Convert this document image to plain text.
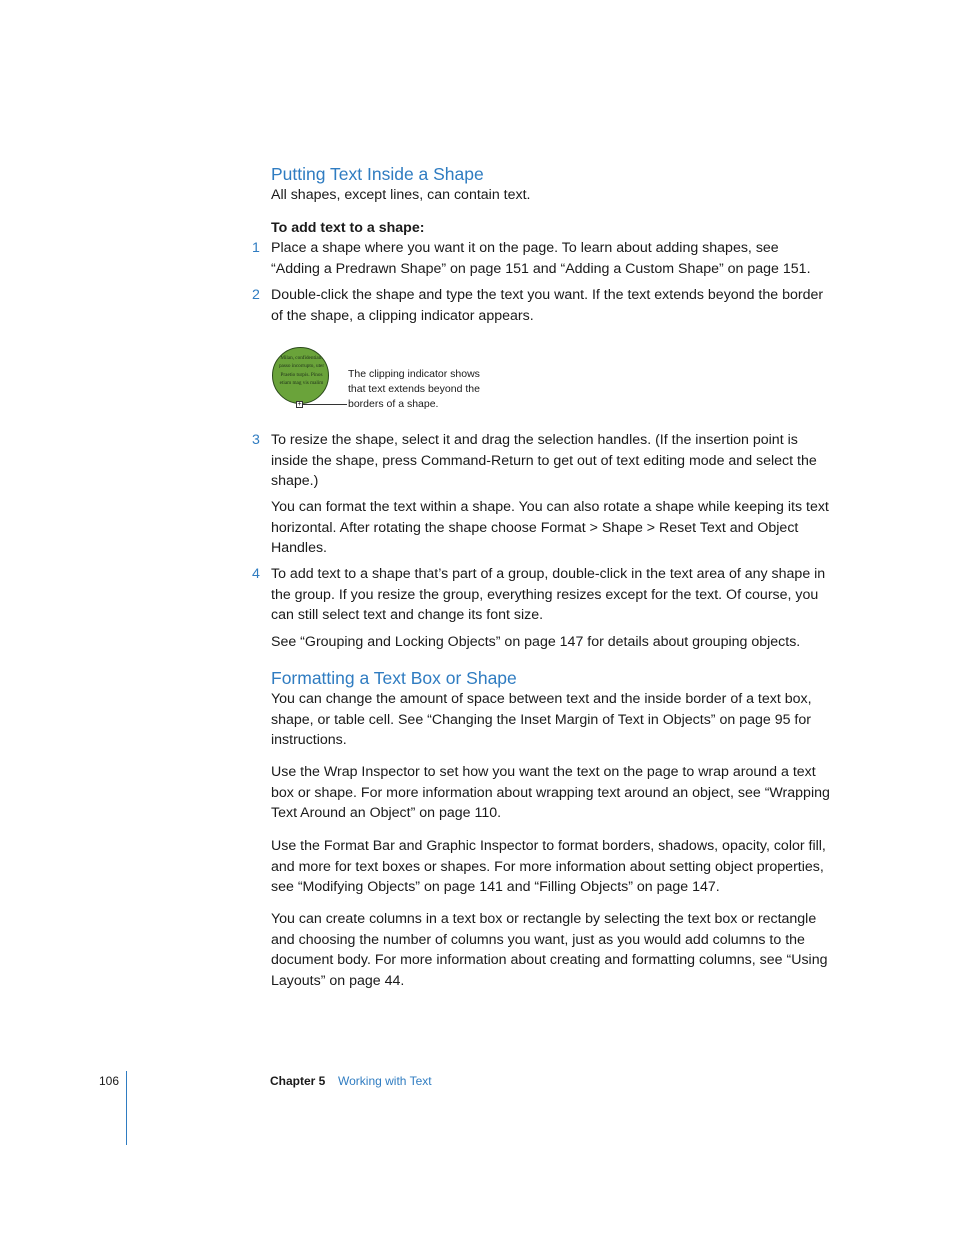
Putting Text Inside a Shape
All shapes, except lines, can contain text.
To add text to a shape:
1 Place a shape where you want it on the page. To learn about adding shapes, see “Adding a Predrawn Shape” on page 151 and “Adding a Custom Shape” on page 151.
2 Double-click the shape and type the text you want. If the text extends beyond the border of the shape, a clipping indicator appears.
Milan, confidentiam passo incorrupto, uter Praetio turpis. Pinos etiam mag vis malim
+
The clipping indicator shows that text extends beyond the borders of a shape.
3 To resize the shape, select it and drag the selection handles. (If the insertion point is inside the shape, press Command-Return to get out of text editing mode and select the shape.)
You can format the text within a shape. You can also rotate a shape while keeping its text horizontal. After rotating the shape choose Format > Shape > Reset Text and Object Handles.
4 To add text to a shape that’s part of a group, double-click in the text area of any shape in the group. If you resize the group, everything resizes except for the text. Of course, you can still select text and change its font size.
See “Grouping and Locking Objects” on page 147 for details about grouping objects.
Formatting a Text Box or Shape
You can change the amount of space between text and the inside border of a text box, shape, or table cell. See “Changing the Inset Margin of Text in Objects” on page 95 for instructions.
Use the Wrap Inspector to set how you want the text on the page to wrap around a text box or shape. For more information about wrapping text around an object, see “Wrapping Text Around an Object” on page 110.
Use the Format Bar and Graphic Inspector to format borders, shadows, opacity, color fill, and more for text boxes or shapes. For more information about setting object properties, see “Modifying Objects” on page 141 and “Filling Objects” on page 147.
You can create columns in a text box or rectangle by selecting the text box or rectangle and choosing the number of columns you want, just as you would add columns to the document body. For more information about creating and formatting columns, see “Using Layouts” on page 44.
106	Chapter 5 Working with Text
